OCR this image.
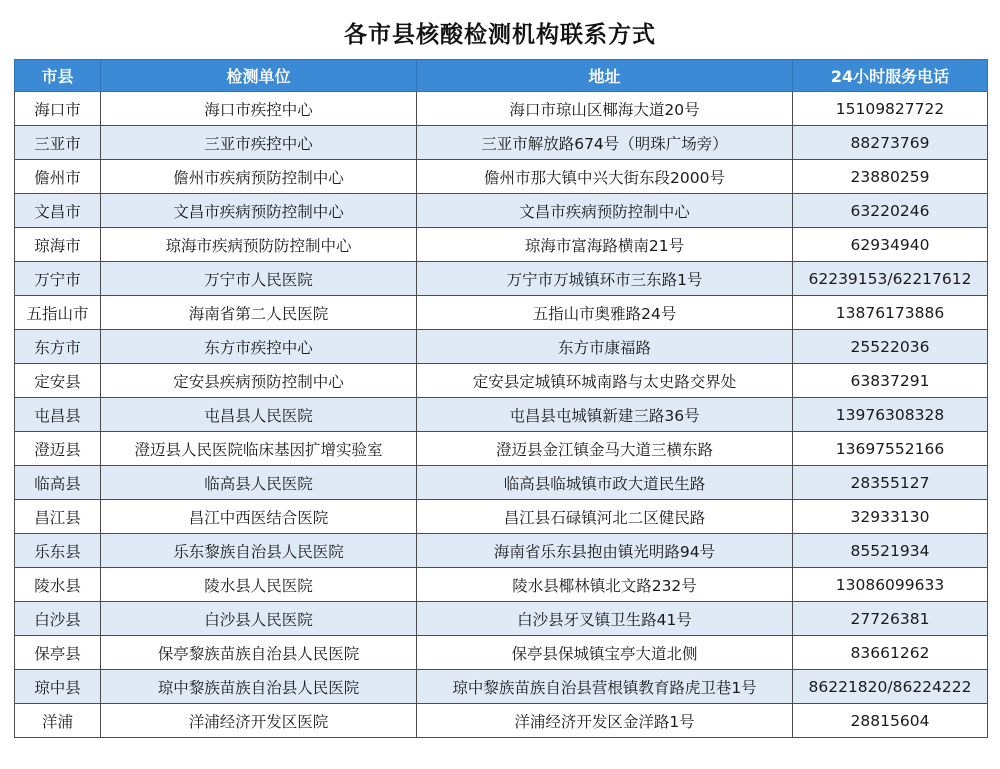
各市县核酸检测机构联系方式
市县	检测单位	地址	24小时服务电话
海口市	海口市疾控中心	海口市琼山区椰海大道20号	15109827722
三亚市	三亚市疾控中心	三亚市解放路674号（明珠广场旁）	88273769
儋州市	儋州市疾病预防控制中心	儋州市那大镇中兴大街东段2000号	23880259
文昌市	文昌市疾病预防控制中心	文昌市疾病预防控制中心	63220246
琼海市	琼海市疾病预防防控制中心	琼海市富海路横南21号	62934940
万宁市	万宁市人民医院	万宁市万城镇环市三东路1号	62239153/62217612
五指山市	海南省第二人民医院	五指山市奥雅路24号	13876173886
东方市	东方市疾控中心	东方市康福路	25522036
定安县	定安县疾病预防控制中心	定安县定城镇环城南路与太史路交界处	63837291
屯昌县	屯昌县人民医院	屯昌县屯城镇新建三路36号	13976308328
澄迈县	澄迈县人民医院临床基因扩增实验室	澄迈县金江镇金马大道三横东路	13697552166
临高县	临高县人民医院	临高县临城镇市政大道民生路	28355127
昌江县	昌江中西医结合医院	昌江县石碌镇河北二区健民路	32933130
乐东县	乐东黎族自治县人民医院	海南省乐东县抱由镇光明路94号	85521934
陵水县	陵水县人民医院	陵水县椰林镇北文路232号	13086099633
白沙县	白沙县人民医院	白沙县牙叉镇卫生路41号	27726381
保亭县	保亭黎族苗族自治县人民医院	保亭县保城镇宝亭大道北侧	83661262
琼中县	琼中黎族苗族自治县人民医院	琼中黎族苗族自治县营根镇教育路虎卫巷1号	86221820/86224222
洋浦	洋浦经济开发区医院	洋浦经济开发区金洋路1号	28815604
